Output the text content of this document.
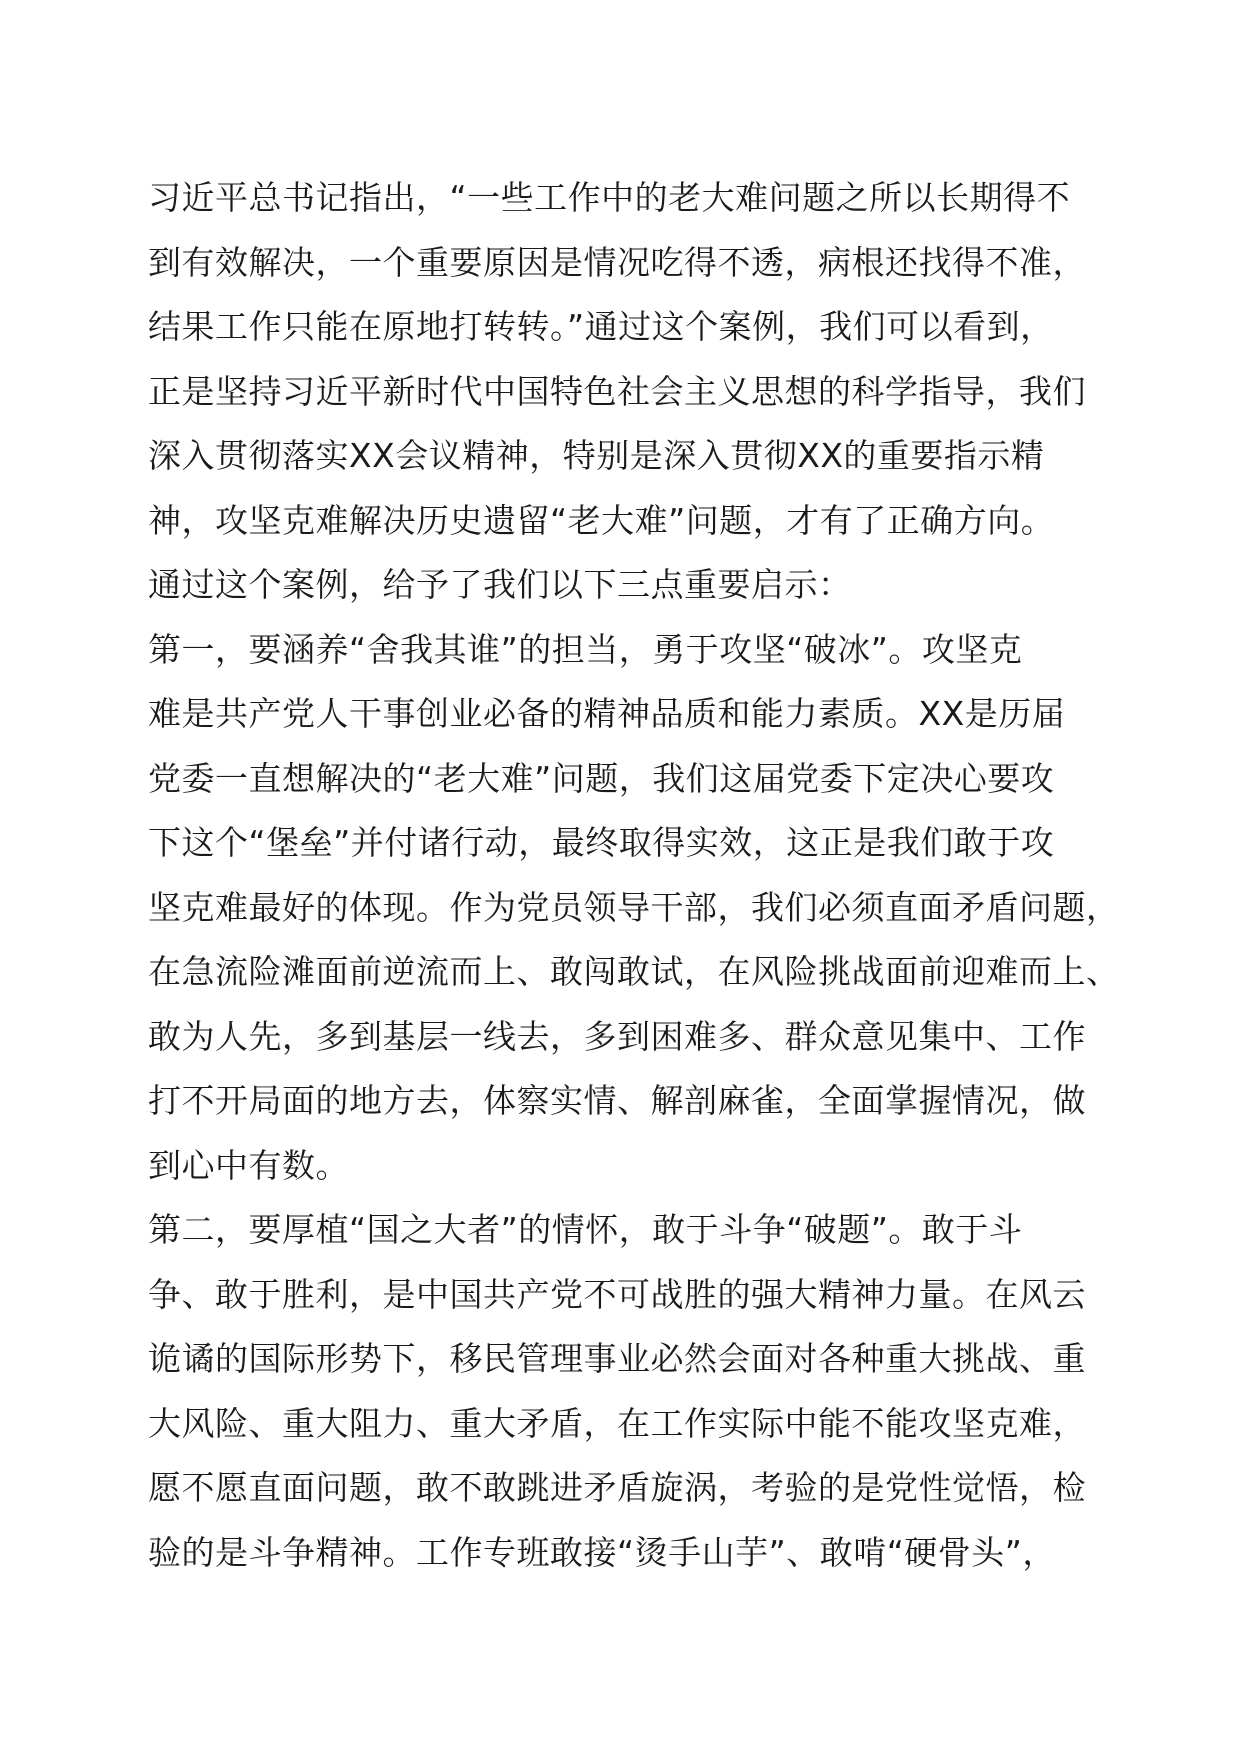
习近平总书记指出，“一些工作中的老大难问题之所以长期得不
到有效解决，一个重要原因是情况吃得不透，病根还找得不准，
结果工作只能在原地打转转。”通过这个案例，我们可以看到，
正是坚持习近平新时代中国特色社会主义思想的科学指导，我们
深入贯彻落实XX会议精神，特别是深入贯彻XX的重要指示精
神，攻坚克难解决历史遗留“老大难”问题，才有了正确方向。
通过这个案例，给予了我们以下三点重要启示：
第一，要涵养“舍我其谁”的担当，勇于攻坚“破冰”。攻坚克
难是共产党人干事创业必备的精神品质和能力素质。XX是历届
党委一直想解决的“老大难”问题，我们这届党委下定决心要攻
下这个“堡垒”并付诸行动，最终取得实效，这正是我们敢于攻
坚克难最好的体现。作为党员领导干部，我们必须直面矛盾问题，
在急流险滩面前逆流而上、敢闯敢试，在风险挑战面前迎难而上、
敢为人先，多到基层一线去，多到困难多、群众意见集中、工作
打不开局面的地方去，体察实情、解剖麻雀，全面掌握情况，做
到心中有数。
第二，要厚植“国之大者”的情怀，敢于斗争“破题”。敢于斗
争、敢于胜利，是中国共产党不可战胜的强大精神力量。在风云
诡谲的国际形势下，移民管理事业必然会面对各种重大挑战、重
大风险、重大阻力、重大矛盾，在工作实际中能不能攻坚克难，
愿不愿直面问题，敢不敢跳进矛盾旋涡，考验的是党性觉悟，检
验的是斗争精神。工作专班敢接“烫手山芋”、敢啃“硬骨头”，
